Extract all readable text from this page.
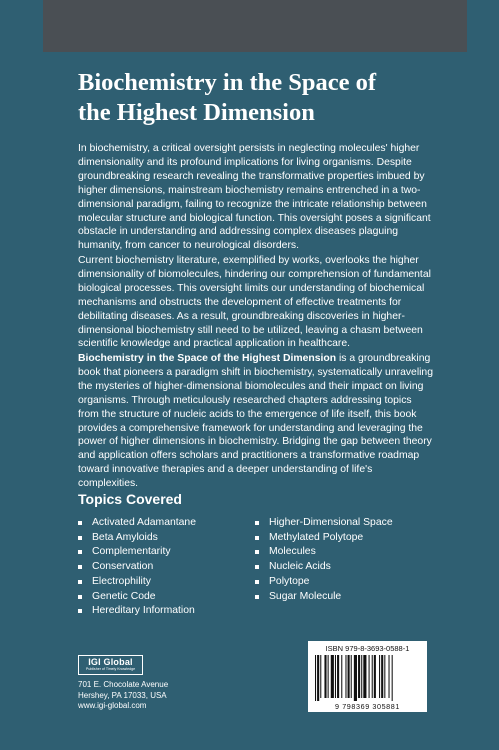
Biochemistry in the Space of
the Highest Dimension

In biochemistry, a critical oversight persists in neglecting molecules' higher dimensionality and its profound implications for living organisms. Despite groundbreaking research revealing the transformative properties imbued by higher dimensions, mainstream biochemistry remains entrenched in a two-dimensional paradigm, failing to recognize the intricate relationship between molecular structure and biological function. This oversight poses a significant obstacle in understanding and addressing complex diseases plaguing humanity, from cancer to neurological disorders.

Current biochemistry literature, exemplified by works, overlooks the higher dimensionality of biomolecules, hindering our comprehension of fundamental biological processes. This oversight limits our understanding of biochemical mechanisms and obstructs the development of effective treatments for debilitating diseases. As a result, groundbreaking discoveries in higher-dimensional biochemistry still need to be utilized, leaving a chasm between scientific knowledge and practical application in healthcare.

Biochemistry in the Space of the Highest Dimension is a groundbreaking book that pioneers a paradigm shift in biochemistry, systematically unraveling the mysteries of higher-dimensional biomolecules and their impact on living organisms. Through meticulously researched chapters addressing topics from the structure of nucleic acids to the emergence of life itself, this book provides a comprehensive framework for understanding and leveraging the power of higher dimensions in biochemistry. Bridging the gap between theory and application offers scholars and practitioners a transformative roadmap toward innovative therapies and a deeper understanding of life's complexities.

Topics Covered
Activated Adamantane
Beta Amyloids
Complementarity
Conservation
Electrophility
Genetic Code
Hereditary Information
Higher-Dimensional Space
Methylated Polytope
Molecules
Nucleic Acids
Polytope
Sugar Molecule
IGI Global
Publisher of Timely Knowledge

701 E. Chocolate Avenue
Hershey, PA 17033, USA
www.igi-global.com

ISBN 979-8-3693-0588-1
9 798369 305881
